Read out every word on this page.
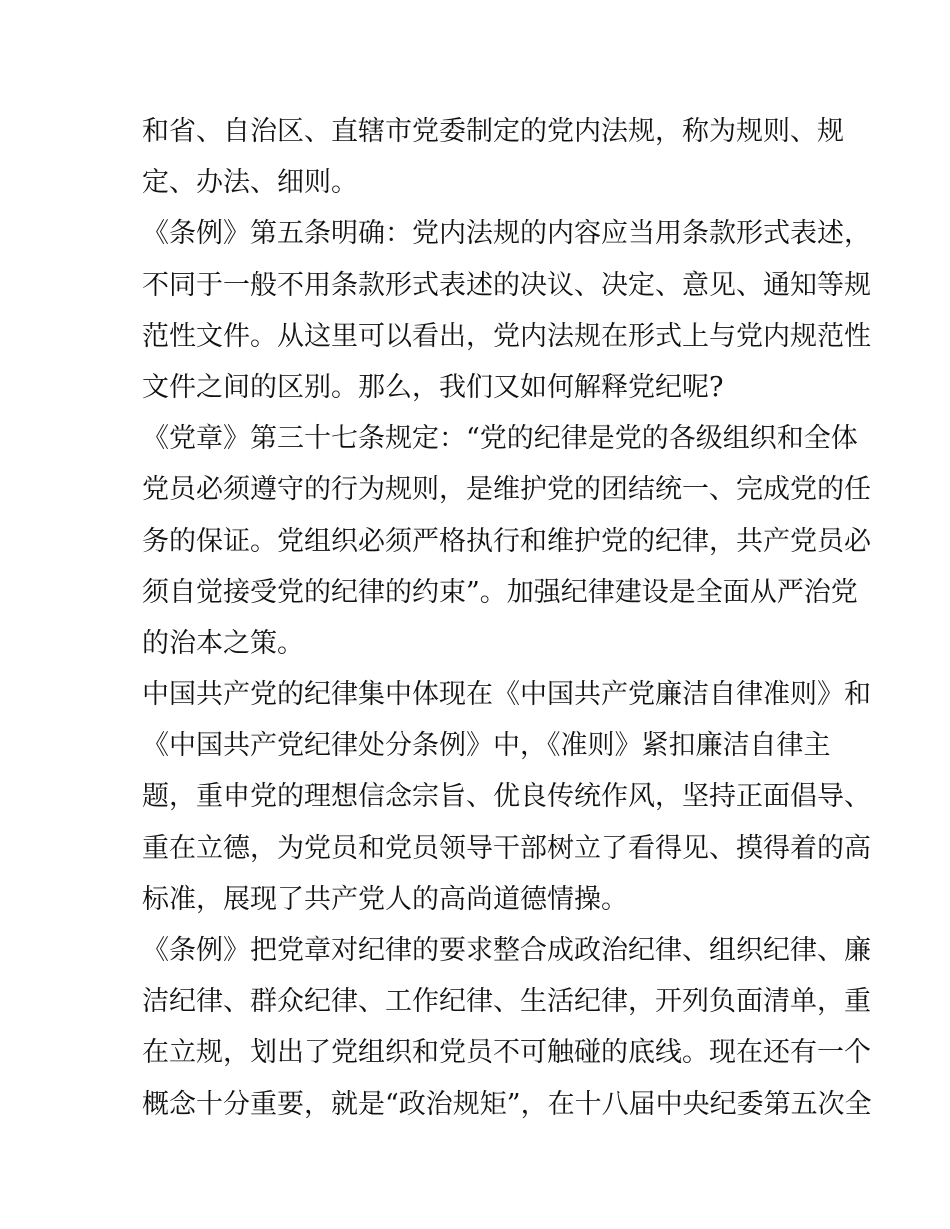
和省、自治区、直辖市党委制定的党内法规，称为规则、规
定、办法、细则。
《条例》第五条明确：党内法规的内容应当用条款形式表述，
不同于一般不用条款形式表述的决议、决定、意见、通知等规
范性文件。从这里可以看出，党内法规在形式上与党内规范性
文件之间的区别。那么，我们又如何解释党纪呢?
《党章》第三十七条规定：“党的纪律是党的各级组织和全体
党员必须遵守的行为规则，是维护党的团结统一、完成党的任
务的保证。党组织必须严格执行和维护党的纪律，共产党员必
须自觉接受党的纪律的约束”。加强纪律建设是全面从严治党
的治本之策。
中国共产党的纪律集中体现在《中国共产党廉洁自律准则》和
《中国共产党纪律处分条例》中，《准则》紧扣廉洁自律主
题，重申党的理想信念宗旨、优良传统作风，坚持正面倡导、
重在立德，为党员和党员领导干部树立了看得见、摸得着的高
标准，展现了共产党人的高尚道德情操。
《条例》把党章对纪律的要求整合成政治纪律、组织纪律、廉
洁纪律、群众纪律、工作纪律、生活纪律，开列负面清单，重
在立规，划出了党组织和党员不可触碰的底线。现在还有一个
概念十分重要，就是“政治规矩”，在十八届中央纪委第五次全
